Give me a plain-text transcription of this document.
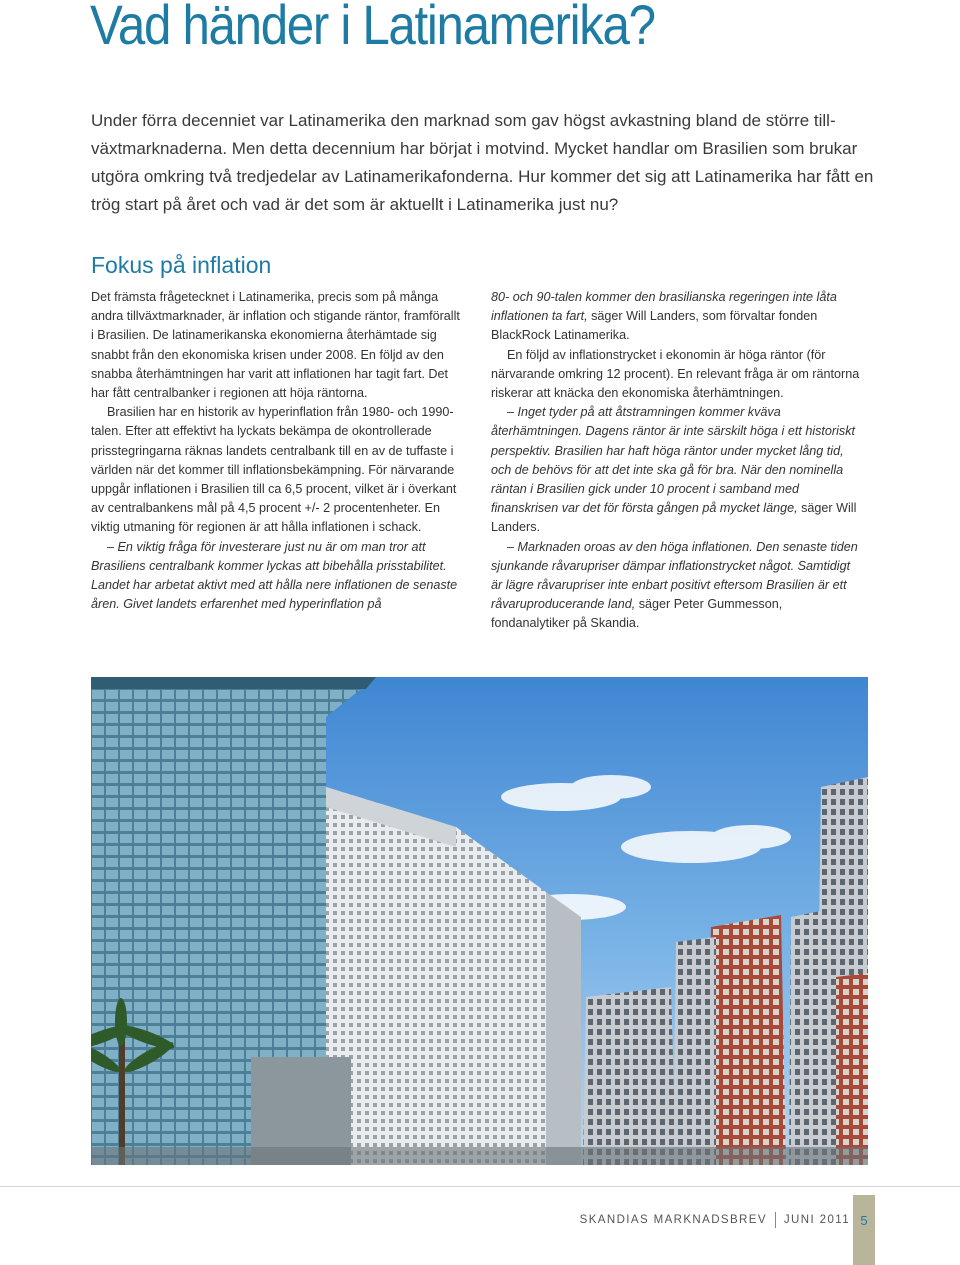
Vad händer i Latinamerika?

Under förra decenniet var Latinamerika den marknad som gav högst avkastning bland de större tillväxtmarknaderna. Men detta decennium har börjat i motvind. Mycket handlar om Brasilien som brukar utgöra omkring två tredjedelar av Latinamerikafonderna. Hur kommer det sig att Latinamerika har fått en trög start på året och vad är det som är aktuellt i Latinamerika just nu?

Fokus på inflation

Det främsta frågetecknet i Latinamerika, precis som på många andra tillväxtmarknader, är inflation och stigande räntor, framförallt i Brasilien. De latinamerikanska ekonomierna återhämtade sig snabbt från den ekonomiska krisen under 2008. En följd av den snabba återhämtningen har varit att inflationen har tagit fart. Det har fått centralbanker i regionen att höja räntorna.

Brasilien har en historik av hyperinflation från 1980- och 1990-talen. Efter att effektivt ha lyckats bekämpa de okontrollerade prisstegringarna räknas landets centralbank till en av de tuffaste i världen när det kommer till inflationsbekämpning. För närvarande uppgår inflationen i Brasilien till ca 6,5 procent, vilket är i överkant av centralbankens mål på 4,5 procent +/- 2 procentenheter. En viktig utmaning för regionen är att hålla inflationen i schack.

– En viktig fråga för investerare just nu är om man tror att Brasiliens centralbank kommer lyckas att bibehålla prisstabilitet. Landet har arbetat aktivt med att hålla nere inflationen de senaste åren. Givet landets erfarenhet med hyperinflation på

80- och 90-talen kommer den brasilianska regeringen inte låta inflationen ta fart, säger Will Landers, som förvaltar fonden BlackRock Latinamerika.

En följd av inflationstrycket i ekonomin är höga räntor (för närvarande omkring 12 procent). En relevant fråga är om räntorna riskerar att knäcka den ekonomiska återhämtningen.

– Inget tyder på att åtstramningen kommer kväva återhämtningen. Dagens räntor är inte särskilt höga i ett historiskt perspektiv. Brasilien har haft höga räntor under mycket lång tid, och de behövs för att det inte ska gå för bra. När den nominella räntan i Brasilien gick under 10 procent i samband med finanskrisen var det för första gången på mycket länge, säger Will Landers.

– Marknaden oroas av den höga inflationen. Den senaste tiden sjunkande råvarupriser dämpar inflationstrycket något. Samtidigt är lägre råvarupriser inte enbart positivt eftersom Brasilien är ett råvaruproducerande land, säger Peter Gummesson, fondanalytiker på Skandia.

SKANDIAS MARKNADSBREV JUNI 2011 5
